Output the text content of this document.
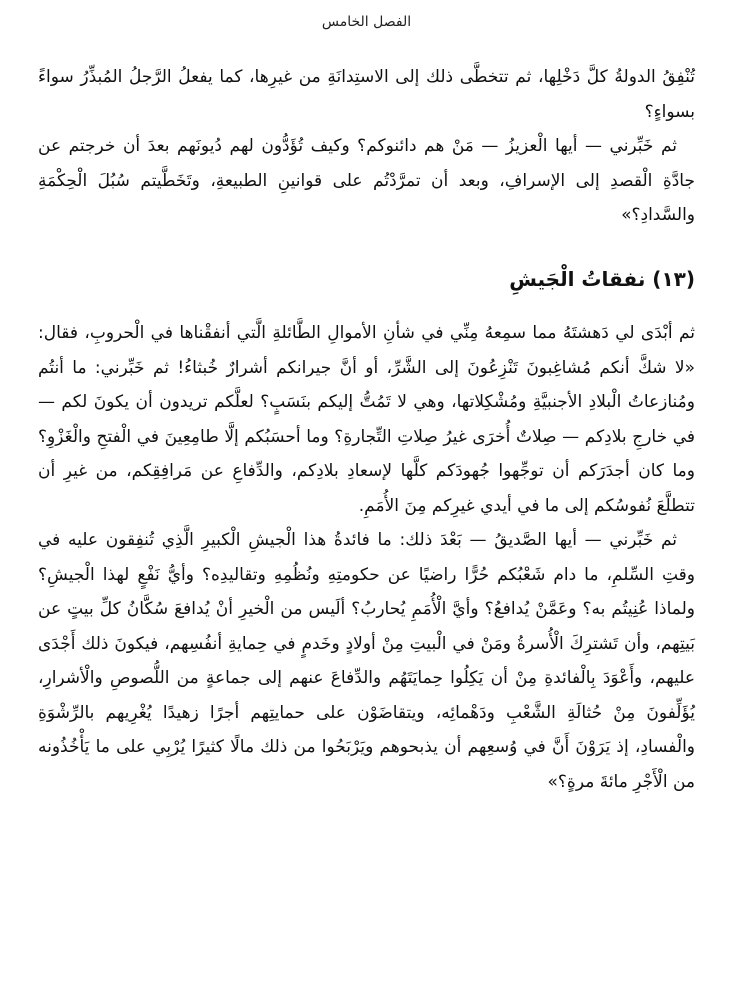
الفصل الخامس

تُنْفِقُ الدولةُ كلَّ دَخْلِها، ثم تتخطَّى ذلك إلى الاستِدانَةِ من غيرِها، كما يفعلُ الرَّجلُ المُبذِّرُ سواءً بسواءٍ؟

ثم خَبِّرني — أيها الْعزيزُ — مَنْ هم دائنوكم؟ وكيف تُؤَدُّون لهم دُيونَهم بعدَ أن خرجتم عن جادَّةِ الْقصدِ إلى الإسرافِ، وبعد أن تمرَّدْتُم على قوانينِ الطبيعةِ، وتَخَطَّيتم سُبُلَ الْحِكْمَةِ والسَّدادِ؟»

(١٣) نفقاتُ الْجَيشِ

ثم أبْدَى لي دَهشتَهُ مما سمِعهُ مِنِّي في شأنِ الأموالِ الطَّائلةِ الَّتي أنفقْناها في الْحروبِ، فقال: «لا شكَّ أنكم مُشاغِبونَ تَنْزِعُونَ إلى الشَّرِّ، أو أنَّ جيرانكم أشرارٌ خُبثاءُ! ثم خَبِّرني: ما أنتُم ومُنازعاتُ الْبلادِ الأجنبيَّةِ ومُشْكِلاتها، وهي لا تَمُتُّ إليكم بنَسَبٍ؟ لعلَّكم تريدون أن يكونَ لكم — في خارجِ بلادِكم — صِلاتٌ أُخرَى غيرُ صِلاتِ التِّجارةِ؟ وما أحسَبُكم إلَّا طامِعِينَ في الْفتحِ والْغَزْوِ؟ وما كان أجدَرَكم أن توجِّهوا جُهودَكم كلَّها لإسعادِ بلادِكم، والدِّفاعِ عن مَرافِقِكم، من غيرِ أن تتطلَّعَ نُفوسُكم إلى ما في أيدي غيرِكم مِنَ الأُمَمِ.

ثم خَبِّرني — أيها الصَّديقُ — بَعْدَ ذلك: ما فائدةُ هذا الْجيشِ الْكبيرِ الَّذِي تُنفِقون عليه في وقتِ السِّلمِ، ما دام شَعْبُكم حُرًّا راضيًا عن حكومتِهِ ونُظُمِهِ وتقاليدِه؟ وأيُّ نَفْعٍ لهذا الْجيشِ؟ ولماذا عُنِيتُم به؟ وعَمَّنْ يُدافعُ؟ وأيَّ الْأُمَمِ يُحاربُ؟ ألَيس من الْخيرِ أنْ يُدافعَ سُكَّانُ كلِّ بيتٍ عن بَيتِهم، وأن تَشترِكَ الْأُسرةُ ومَنْ في الْبيتِ مِنْ أولادٍ وخَدمٍ في حِمايةِ أنفُسِهم، فيكونَ ذلك أَجْدَى عليهم، وأَعْوَدَ بِالْفائدةِ مِنْ أن يَكِلُوا حِمايَتَهُم والدِّفاعَ عنهم إلى جماعةٍ من اللُّصوصِ والْأشرارِ، يُؤَلِّفونَ مِنْ حُثالَةِ الشَّعْبِ ودَهْمائِه، ويتقاضَوْن على حمايتِهم أجرًا زهيدًا يُغْرِيهم بالرِّشْوَةِ والْفسادِ، إذ يَرَوْنَ أَنَّ في وُسعِهم أن يذبحوهم ويَرْبَحُوا من ذلك مالًا كثيرًا يُرْبِي على ما يَأْخُذُونه من الْأَجْرِ مائةَ مرةٍ؟»
